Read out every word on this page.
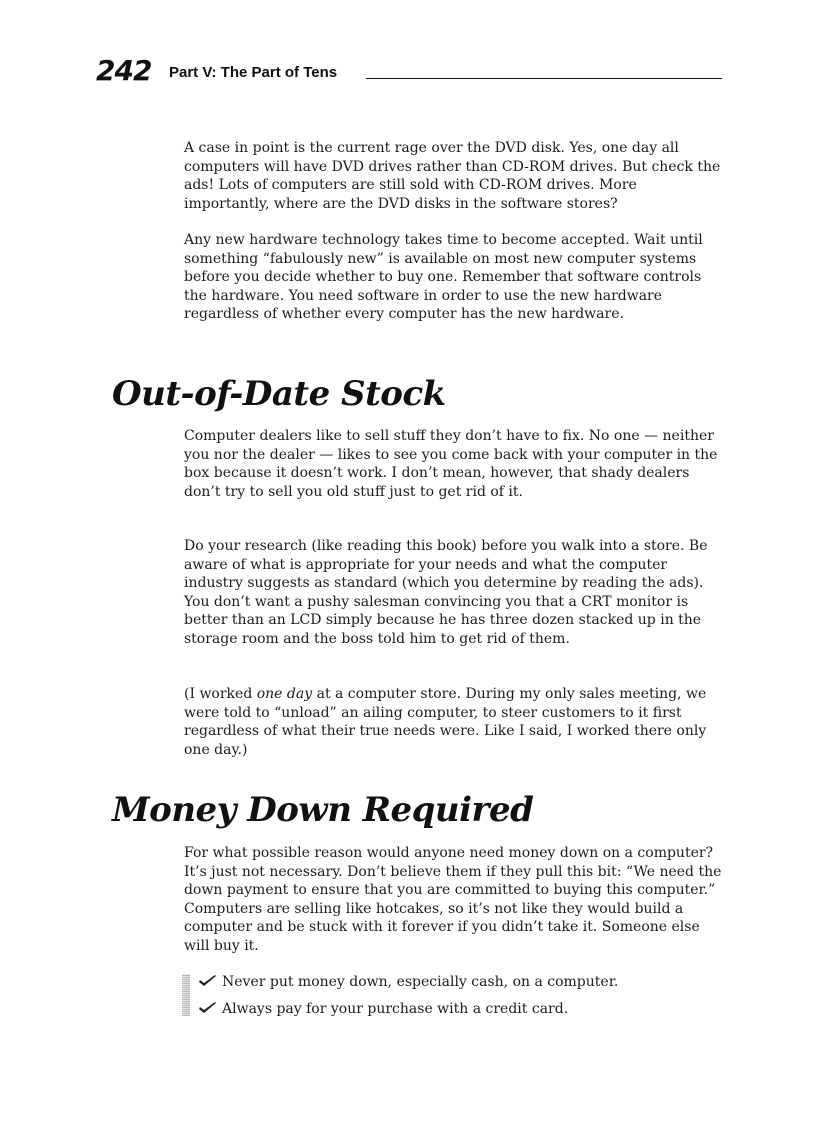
242 Part V: The Part of Tens

A case in point is the current rage over the DVD disk. Yes, one day all computers will have DVD drives rather than CD-ROM drives. But check the ads! Lots of computers are still sold with CD-ROM drives. More importantly, where are the DVD disks in the software stores?

Any new hardware technology takes time to become accepted. Wait until something “fabulously new” is available on most new computer systems before you decide whether to buy one. Remember that software controls the hardware. You need software in order to use the new hardware regardless of whether every computer has the new hardware.

Out-of-Date Stock

Computer dealers like to sell stuff they don’t have to fix. No one — neither you nor the dealer — likes to see you come back with your computer in the box because it doesn’t work. I don’t mean, however, that shady dealers don’t try to sell you old stuff just to get rid of it.

Do your research (like reading this book) before you walk into a store. Be aware of what is appropriate for your needs and what the computer industry suggests as standard (which you determine by reading the ads). You don’t want a pushy salesman convincing you that a CRT monitor is better than an LCD simply because he has three dozen stacked up in the storage room and the boss told him to get rid of them.

(I worked one day at a computer store. During my only sales meeting, we were told to “unload” an ailing computer, to steer customers to it first regardless of what their true needs were. Like I said, I worked there only one day.)

Money Down Required

For what possible reason would anyone need money down on a computer? It’s just not necessary. Don’t believe them if they pull this bit: “We need the down payment to ensure that you are committed to buying this computer.” Computers are selling like hotcakes, so it’s not like they would build a computer and be stuck with it forever if you didn’t take it. Someone else will buy it.

Never put money down, especially cash, on a computer.
Always pay for your purchase with a credit card.
